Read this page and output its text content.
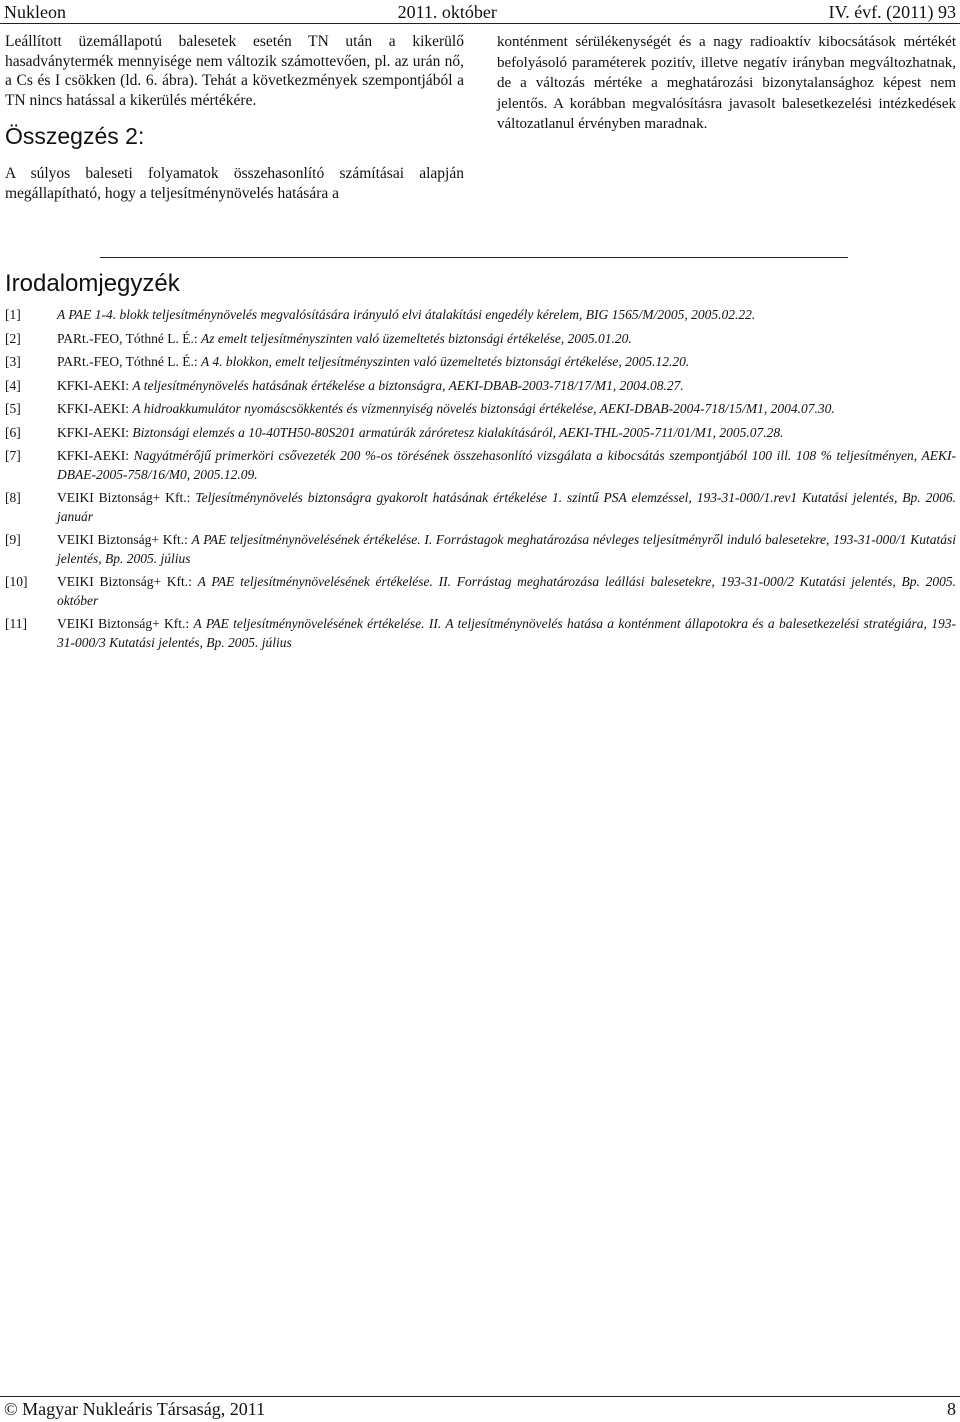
Nukleon	2011. október	IV. évf. (2011) 93

Leállított üzemállapotú balesetek esetén TN után a kikerülő hasadványtermék mennyisége nem változik számottevően, pl. az urán nő, a Cs és I csökken (ld. 6. ábra). Tehát a következmények szempontjából a TN nincs hatással a kikerülés mértékére.

Összegzés 2:

A súlyos baleseti folyamatok összehasonlító számításai alapján megállapítható, hogy a teljesítménynövelés hatására a

konténment sérülékenységét és a nagy radioaktív kibocsátások mértékét befolyásoló paraméterek pozitív, illetve negatív irányban megváltozhatnak, de a változás mértéke a meghatározási bizonytalansághoz képest nem jelentős. A korábban megvalósításra javasolt balesetkezelési intézkedések változatlanul érvényben maradnak.

Irodalomjegyzék
[1]	A PAE 1-4. blokk teljesítménynövelés megvalósítására irányuló elvi átalakítási engedély kérelem, BIG 1565/M/2005, 2005.02.22.
[2]	PARt.-FEO, Tóthné L. É.: Az emelt teljesítményszinten való üzemeltetés biztonsági értékelése, 2005.01.20.
[3]	PARt.-FEO, Tóthné L. É.: A 4. blokkon, emelt teljesítményszinten való üzemeltetés biztonsági értékelése, 2005.12.20.
[4]	KFKI-AEKI: A teljesítménynövelés hatásának értékelése a biztonságra, AEKI-DBAB-2003-718/17/M1, 2004.08.27.
[5]	KFKI-AEKI: A hidroakkumulátor nyomáscsökkentés és vízmennyiség növelés biztonsági értékelése, AEKI-DBAB-2004-718/15/M1, 2004.07.30.
[6]	KFKI-AEKI: Biztonsági elemzés a 10-40TH50-80S201 armatúrák záróretesz kialakításáról, AEKI-THL-2005-711/01/M1, 2005.07.28.
[7]	KFKI-AEKI: Nagyátmérőjű primerköri csővezeték 200 %-os törésének összehasonlító vizsgálata a kibocsátás szempontjából 100 ill. 108 % teljesítményen, AEKI-DBAE-2005-758/16/M0, 2005.12.09.
[8]	VEIKI Biztonság+ Kft.: Teljesítménynövelés biztonságra gyakorolt hatásának értékelése 1. szintű PSA elemzéssel, 193-31-000/1.rev1 Kutatási jelentés, Bp. 2006. január
[9]	VEIKI Biztonság+ Kft.: A PAE teljesítménynövelésének értékelése. I. Forrástagok meghatározása névleges teljesítményről induló balesetekre, 193-31-000/1 Kutatási jelentés, Bp. 2005. július
[10]	VEIKI Biztonság+ Kft.: A PAE teljesítménynövelésének értékelése. II. Forrástag meghatározása leállási balesetekre, 193-31-000/2 Kutatási jelentés, Bp. 2005. október
[11]	VEIKI Biztonság+ Kft.: A PAE teljesítménynövelésének értékelése. II. A teljesítménynövelés hatása a konténment állapotokra és a balesetkezelési stratégiára, 193-31-000/3 Kutatási jelentés, Bp. 2005. július
© Magyar Nukleáris Társaság, 2011	8
